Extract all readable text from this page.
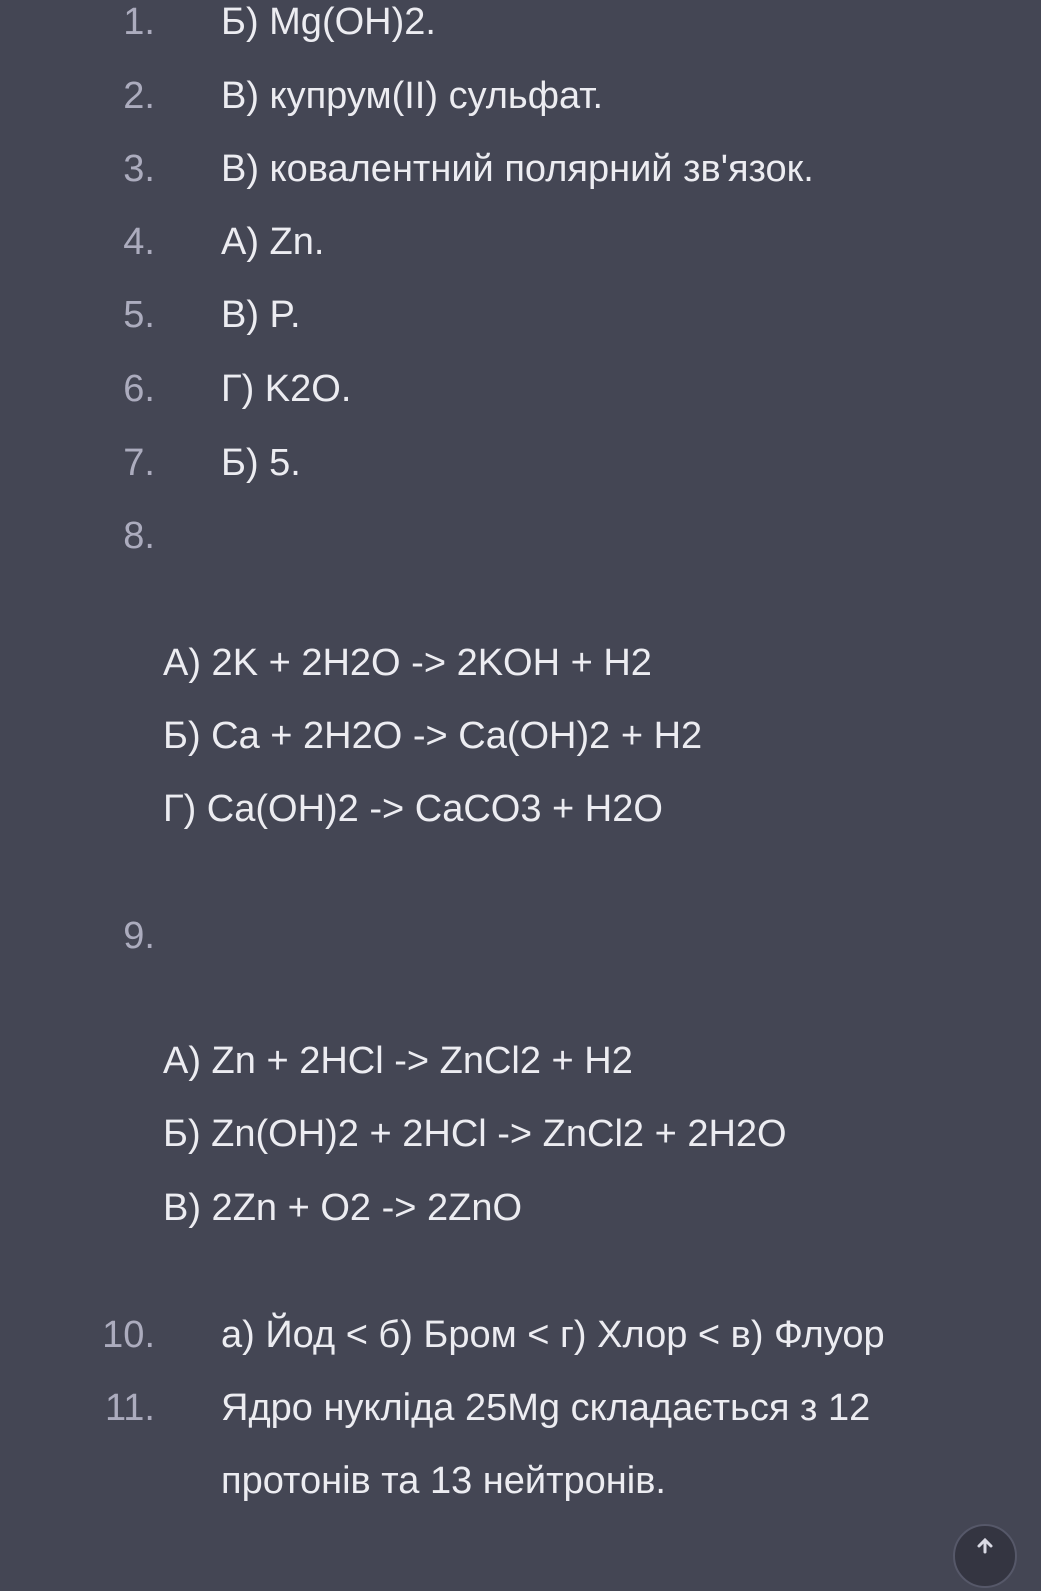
1. Б) Mg(OH)2.
2. В) купрум(II) сульфат.
3. В) ковалентний полярний зв'язок.
4. А) Zn.
5. В) P.
6. Г) K2O.
7. Б) 5.
8.
А) 2K + 2H2O -> 2KOH + H2
Б) Ca + 2H2O -> Ca(OH)2 + H2
Г) Ca(OH)2 -> CaCO3 + H2O
9.
А) Zn + 2HCl -> ZnCl2 + H2
Б) Zn(OH)2 + 2HCl -> ZnCl2 + 2H2O
В) 2Zn + O2 -> 2ZnO
10. а) Йод < б) Бром < г) Хлор < в) Флуор
11. Ядро нукліда 25Mg складається з 12
протонів та 13 нейтронів.
